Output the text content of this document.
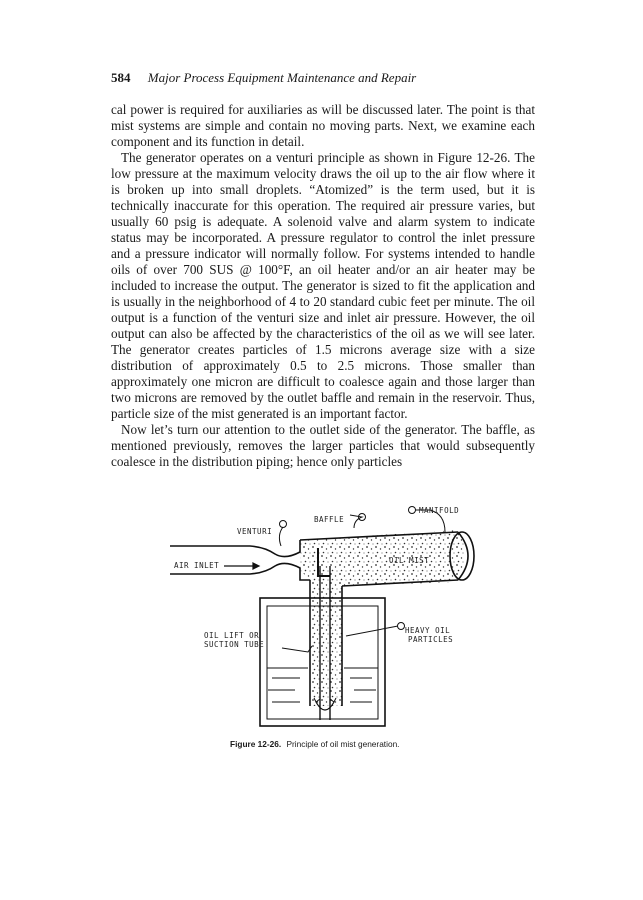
584 Major Process Equipment Maintenance and Repair

cal power is required for auxiliaries as will be discussed later. The point is that mist systems are simple and contain no moving parts. Next, we examine each component and its function in detail.

The generator operates on a venturi principle as shown in Figure 12-26. The low pressure at the maximum velocity draws the oil up to the air flow where it is broken up into small droplets. “Atomized” is the term used, but it is technically inaccurate for this operation. The required air pressure varies, but usually 60 psig is adequate. A solenoid valve and alarm system to indicate status may be incorporated. A pressure regulator to control the inlet pressure and a pressure indicator will normally follow. For systems intended to handle oils of over 700 SUS @ 100°F, an oil heater and/or an air heater may be included to increase the output. The generator is sized to fit the application and is usually in the neighborhood of 4 to 20 standard cubic feet per minute. The oil output is a function of the venturi size and inlet air pressure. However, the oil output can also be affected by the characteristics of the oil as we will see later. The generator creates particles of 1.5 microns average size with a size distribution of approximately 0.5 to 2.5 microns. Those smaller than approximately one micron are difficult to coalesce again and those larger than two microns are removed by the outlet baffle and remain in the reservoir. Thus, particle size of the mist generated is an important factor.

Now let’s turn our attention to the outlet side of the generator. The baffle, as mentioned previously, removes the larger particles that would subsequently coalesce in the distribution piping; hence only particles

VENTURI
BAFFLE
MANIFOLD
AIR INLET
OIL MIST
HEAVY OIL
PARTICLES
OIL LIFT OR
SUCTION TUBE
Figure 12-26. Principle of oil mist generation.
